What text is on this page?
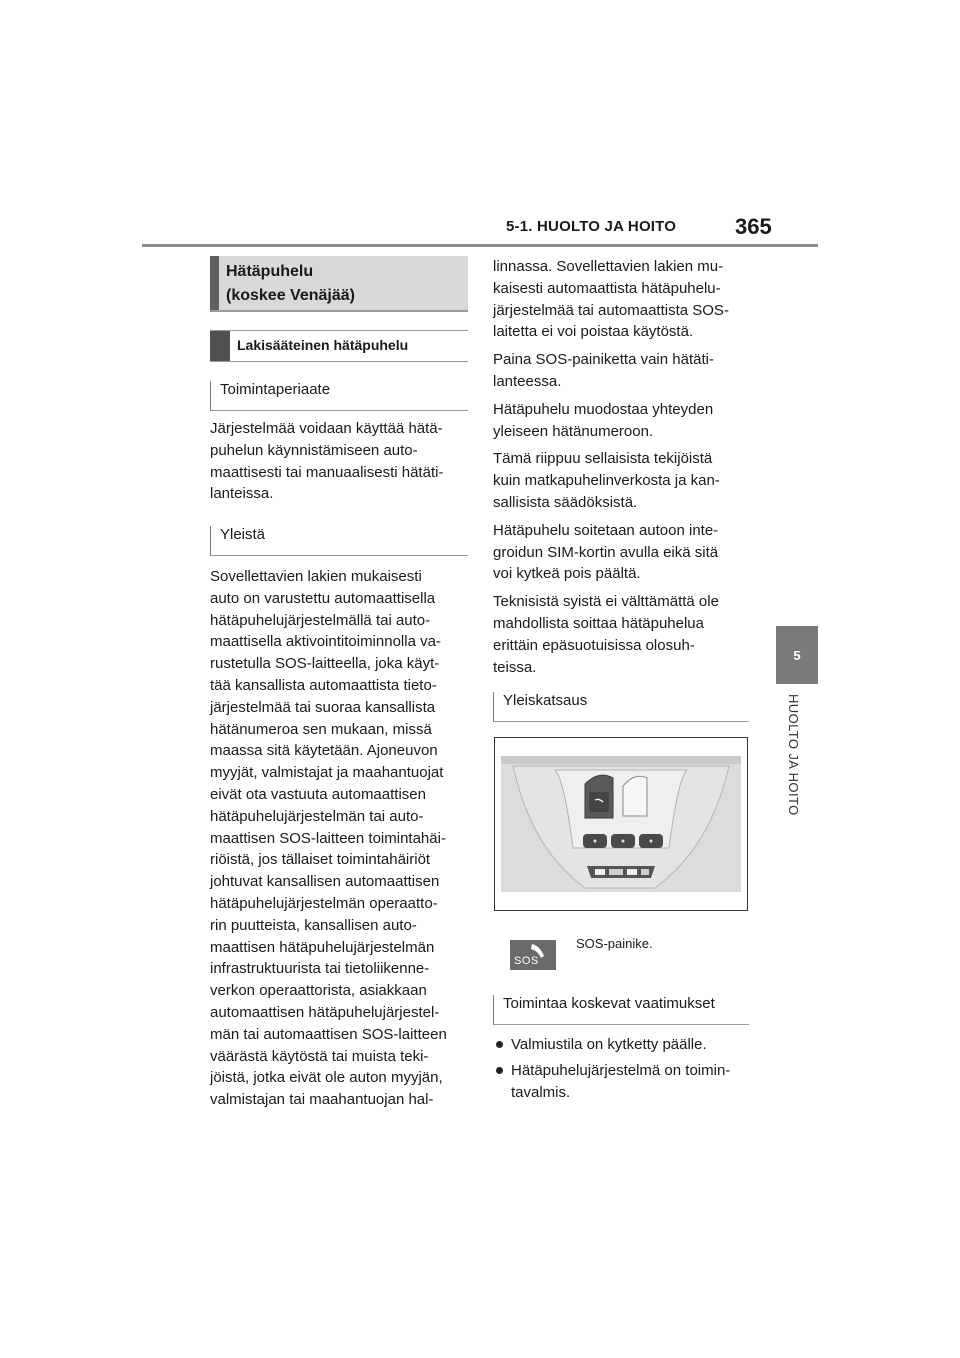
5-1. HUOLTO JA HOITO	365
5
HUOLTO JA HOITO
Hätäpuhelu
(koskee Venäjää)
Lakisääteinen hätäpuhelu
Toimintaperiaate
Järjestelmää voidaan käyttää hätä-
puhelun käynnistämiseen auto-
maattisesti tai manuaalisesti hätäti-
lanteissa.
Yleistä
Sovellettavien lakien mukaisesti
auto on varustettu automaattisella
hätäpuhelujärjestelmällä tai auto-
maattisella aktivointitoiminnolla va-
rustetulla SOS-laitteella, joka käyt-
tää kansallista automaattista tieto-
järjestelmää tai suoraa kansallista
hätänumeroa sen mukaan, missä
maassa sitä käytetään. Ajoneuvon
myyjät, valmistajat ja maahantuojat
eivät ota vastuuta automaattisen
hätäpuhelujärjestelmän tai auto-
maattisen SOS-laitteen toimintahäi-
riöistä, jos tällaiset toimintahäiriöt
johtuvat kansallisen automaattisen
hätäpuhelujärjestelmän operaatto-
rin puutteista, kansallisen auto-
maattisen hätäpuhelujärjestelmän
infrastruktuurista tai tietoliikenne-
verkon operaattorista, asiakkaan
automaattisen hätäpuhelujärjestel-
män tai automaattisen SOS-laitteen
väärästä käytöstä tai muista teki-
jöistä, jotka eivät ole auton myyjän,
valmistajan tai maahantuojan hal-

linnassa. Sovellettavien lakien mu-
kaisesti automaattista hätäpuhelu-
järjestelmää tai automaattista SOS-
laitetta ei voi poistaa käytöstä.

Paina SOS-painiketta vain hätäti-
lanteessa.

Hätäpuhelu muodostaa yhteyden
yleiseen hätänumeroon.

Tämä riippuu sellaisista tekijöistä
kuin matkapuhelinverkosta ja kan-
sallisista säädöksistä.

Hätäpuhelu soitetaan autoon inte-
groidun SIM-kortin avulla eikä sitä
voi kytkeä pois päältä.

Teknisistä syistä ei välttämättä ole
mahdollista soittaa hätäpuhelua
erittäin epäsuotuisissa olosuh-
teissa.

Yleiskatsaus
SOS
SOS-painike.
Toimintaa koskevat vaatimukset
Valmiustila on kytketty päälle.
Hätäpuhelujärjestelmä on toimin-
tavalmis.
